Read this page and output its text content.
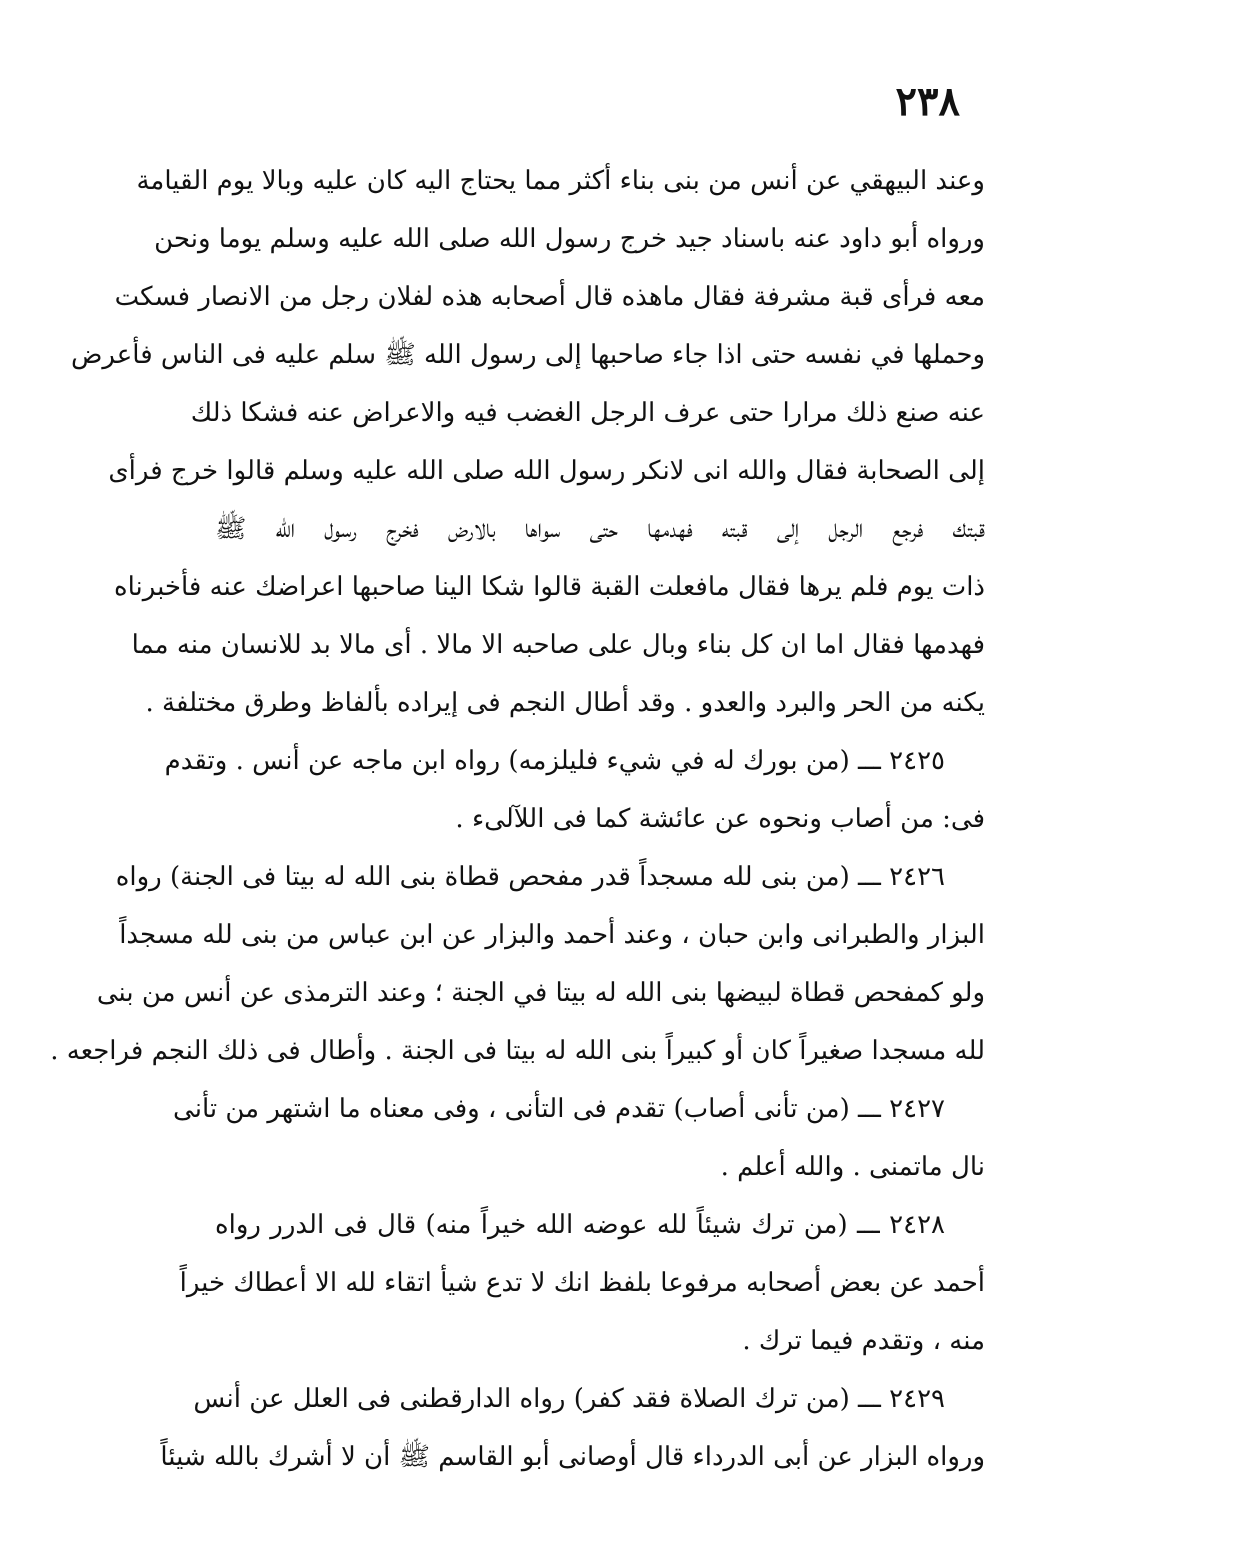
٢٣٨
وعند البيهقي عن أنس من بنى بناء أكثر مما يحتاج اليه كان عليه وبالا يوم القيامة
ورواه أبو داود عنه باسناد جيد خرج رسول الله صلى الله عليه وسلم يوما ونحن
معه فرأى قبة مشرفة فقال ماهذه قال أصحابه هذه لفلان رجل من الانصار فسكت
وحملها في نفسه حتى اذا جاء صاحبها إلى رسول الله ﷺ سلم عليه فى الناس فأعرض
عنه صنع ذلك مرارا حتى عرف الرجل الغضب فيه والاعراض عنه فشكا ذلك
إلى الصحابة فقال والله انى لانكر رسول الله صلى الله عليه وسلم قالوا خرج فرأى
قبتك فرجع الرجل إلى قبته فهدمها حتى سواها بالارض فخرج رسول الله ﷺ
ذات يوم فلم يرها فقال مافعلت القبة قالوا شكا الينا صاحبها اعراضك عنه فأخبرناه
فهدمها فقال اما ان كل بناء وبال على صاحبه الا مالا . أى مالا بد للانسان منه مما
يكنه من الحر والبرد والعدو . وقد أطال النجم فى إيراده بألفاظ وطرق مختلفة .
٢٤٢٥ ـــ (من بورك له في شيء فليلزمه) رواه ابن ماجه عن أنس . وتقدم
فى: من أصاب ونحوه عن عائشة كما فى اللآلىء .
٢٤٢٦ ـــ (من بنى لله مسجداً قدر مفحص قطاة بنى الله له بيتا فى الجنة) رواه
البزار والطبرانى وابن حبان ، وعند أحمد والبزار عن ابن عباس من بنى لله مسجداً
ولو كمفحص قطاة لبيضها بنى الله له بيتا في الجنة ؛ وعند الترمذى عن أنس من بنى
لله مسجدا صغيراً كان أو كبيراً بنى الله له بيتا فى الجنة . وأطال فى ذلك النجم فراجعه .
٢٤٢٧ ـــ (من تأنى أصاب) تقدم فى التأنى ، وفى معناه ما اشتهر من تأنى
نال ماتمنى . والله أعلم .
٢٤٢٨ ـــ (من ترك شيئاً لله عوضه الله خيراً منه) قال فى الدرر رواه
أحمد عن بعض أصحابه مرفوعا بلفظ انك لا تدع شيأ اتقاء لله الا أعطاك خيراً
منه ، وتقدم فيما ترك .
٢٤٢٩ ـــ (من ترك الصلاة فقد كفر) رواه الدارقطنى فى العلل عن أنس
ورواه البزار عن أبى الدرداء قال أوصانى أبو القاسم ﷺ أن لا أشرك بالله شيئاً
